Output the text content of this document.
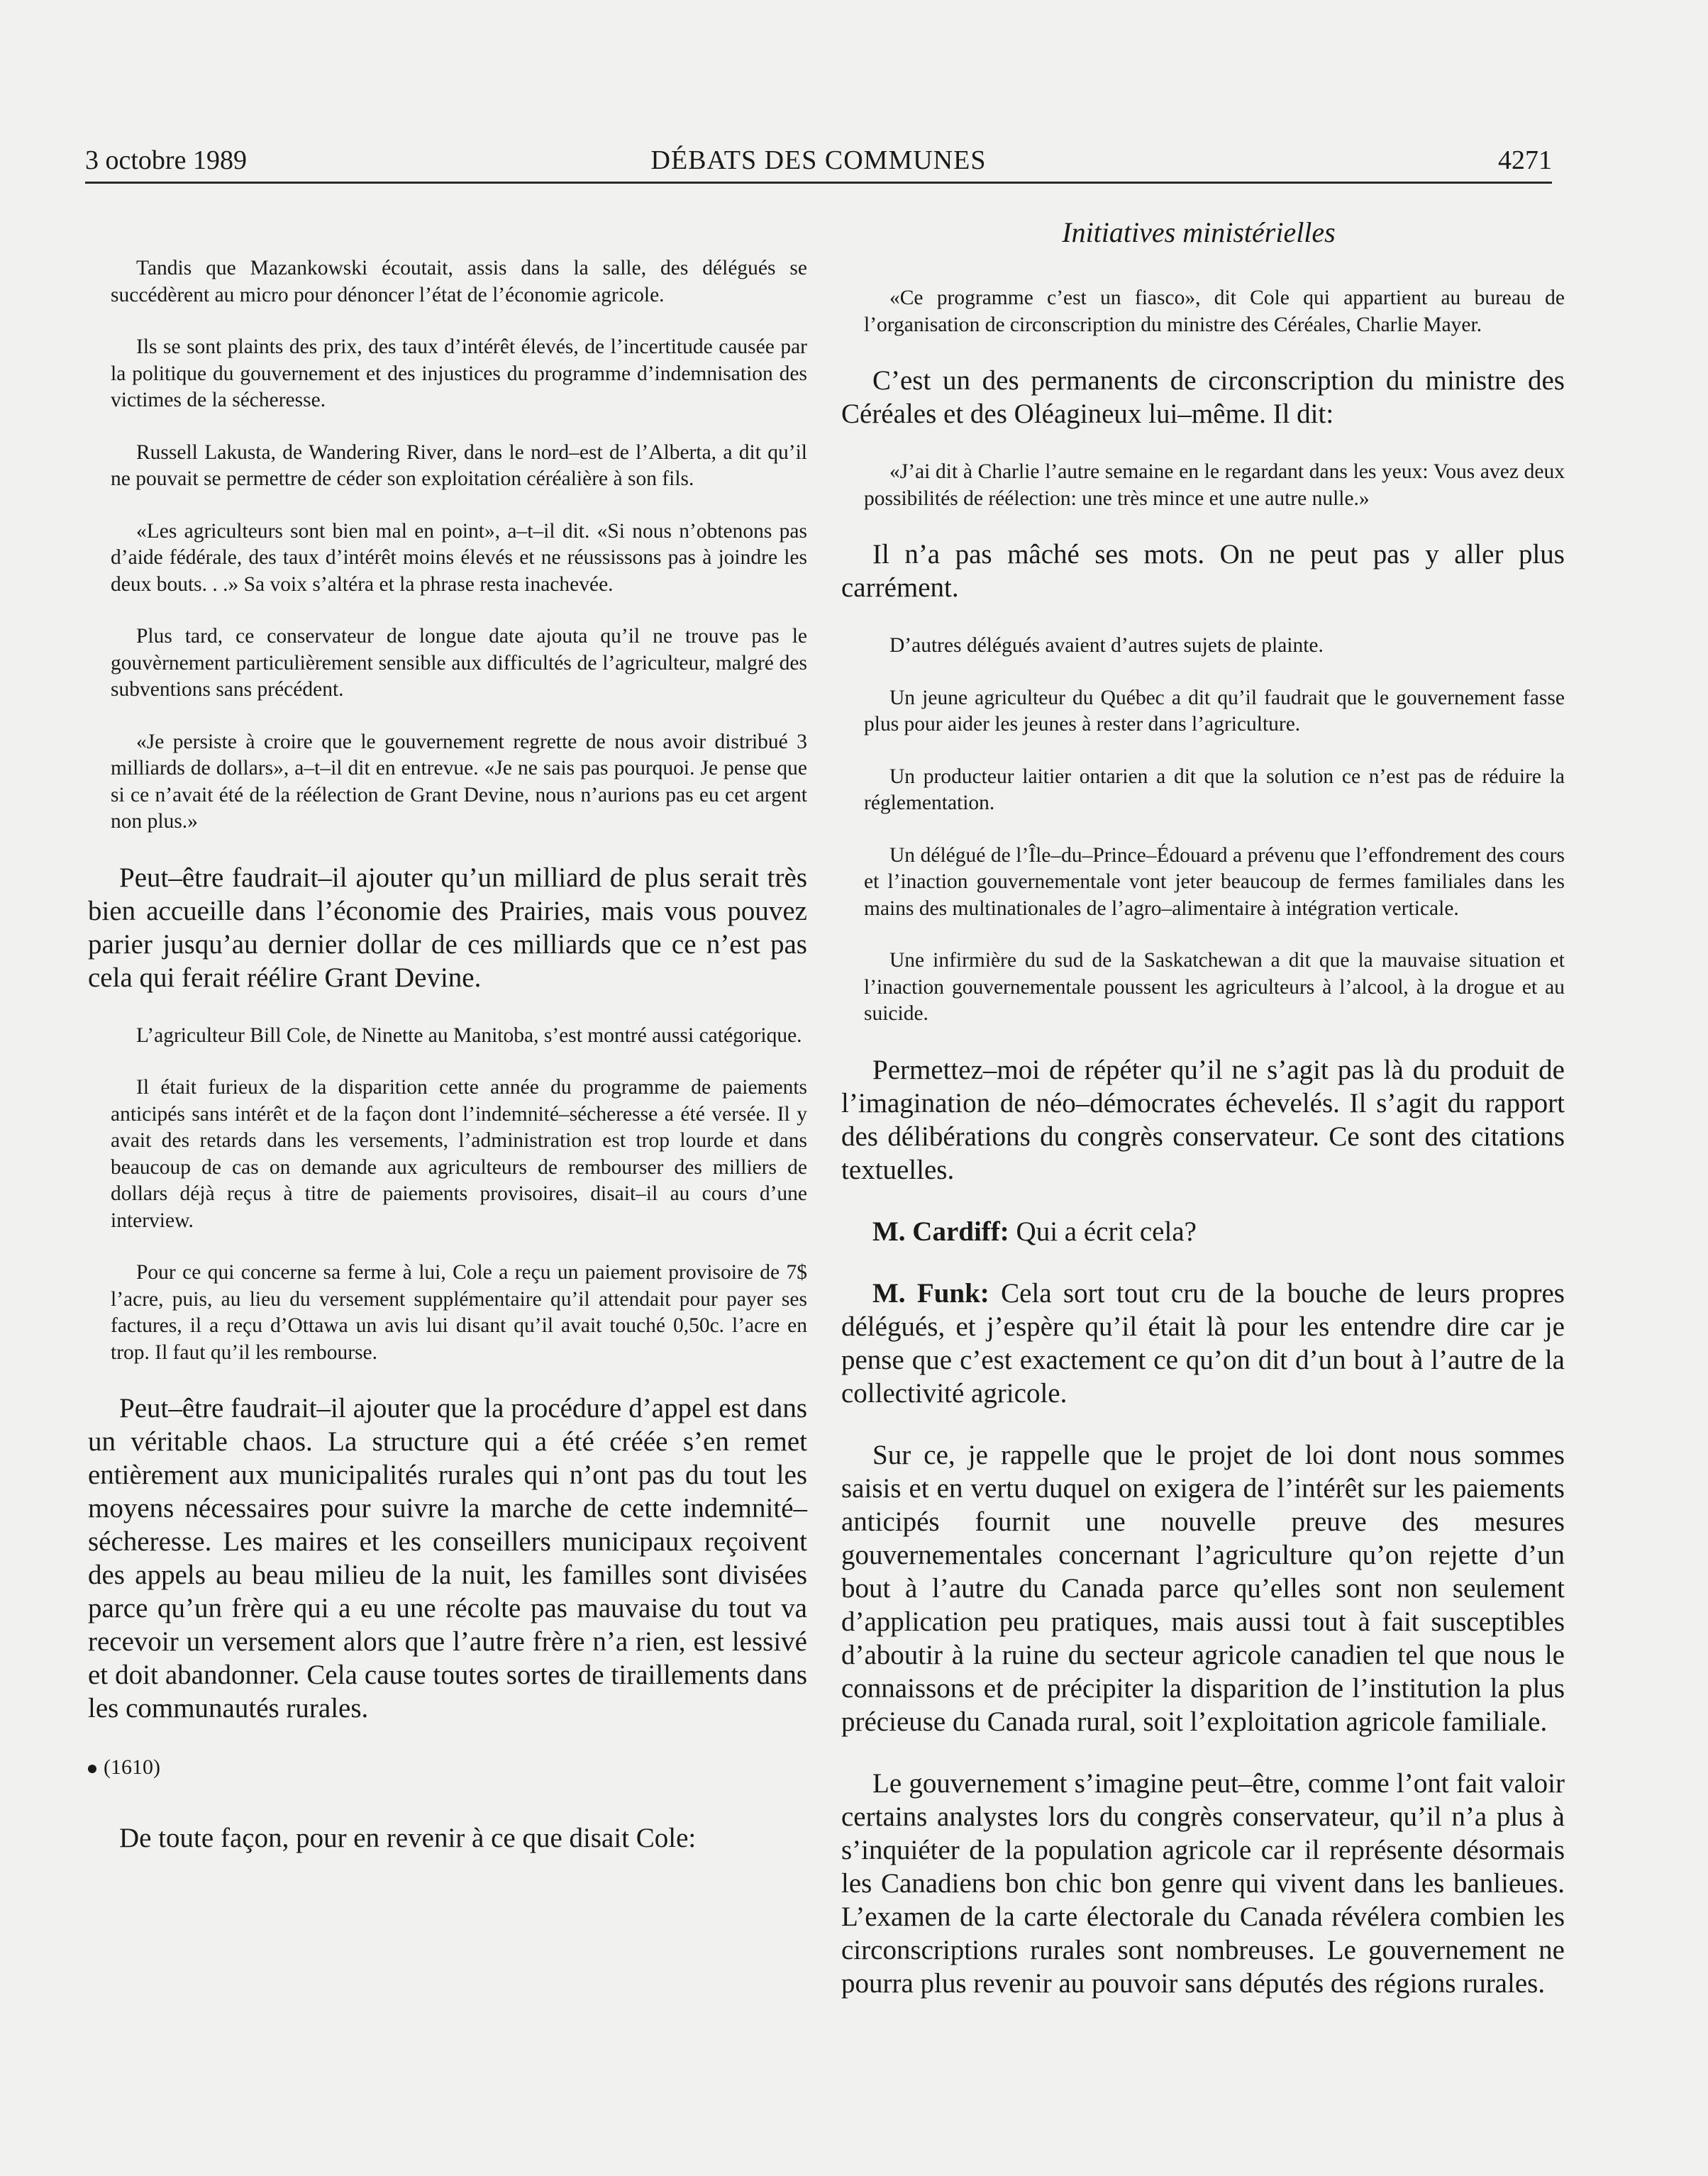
3 octobre 1989	DÉBATS DES COMMUNES	4271
Initiatives ministérielles

Tandis que Mazankowski écoutait, assis dans la salle, des délégués se succédèrent au micro pour dénoncer l’état de l’économie agricole.

Ils se sont plaints des prix, des taux d’intérêt élevés, de l’incertitude causée par la politique du gouvernement et des injustices du programme d’indemnisation des victimes de la sécheresse.

Russell Lakusta, de Wandering River, dans le nord–est de l’Alberta, a dit qu’il ne pouvait se permettre de céder son exploitation céréalière à son fils.

«Les agriculteurs sont bien mal en point», a–t–il dit. «Si nous n’obtenons pas d’aide fédérale, des taux d’intérêt moins élevés et ne réussissons pas à joindre les deux bouts. . .» Sa voix s’altéra et la phrase resta inachevée.

Plus tard, ce conservateur de longue date ajouta qu’il ne trouve pas le gouvèrnement particulièrement sensible aux difficultés de l’agriculteur, malgré des subventions sans précédent.

«Je persiste à croire que le gouvernement regrette de nous avoir distribué 3 milliards de dollars», a–t–il dit en entrevue. «Je ne sais pas pourquoi. Je pense que si ce n’avait été de la réélection de Grant Devine, nous n’aurions pas eu cet argent non plus.»

Peut–être faudrait–il ajouter qu’un milliard de plus serait très bien accueille dans l’économie des Prairies, mais vous pouvez parier jusqu’au dernier dollar de ces milliards que ce n’est pas cela qui ferait réélire Grant Devine.

L’agriculteur Bill Cole, de Ninette au Manitoba, s’est montré aussi catégorique.

Il était furieux de la disparition cette année du programme de paiements anticipés sans intérêt et de la façon dont l’indemnité–sécheresse a été versée. Il y avait des retards dans les versements, l’administration est trop lourde et dans beaucoup de cas on demande aux agriculteurs de rembourser des milliers de dollars déjà reçus à titre de paiements provisoires, disait–il au cours d’une interview.

Pour ce qui concerne sa ferme à lui, Cole a reçu un paiement provisoire de 7$ l’acre, puis, au lieu du versement supplémentaire qu’il attendait pour payer ses factures, il a reçu d’Ottawa un avis lui disant qu’il avait touché 0,50c. l’acre en trop. Il faut qu’il les rembourse.

Peut–être faudrait–il ajouter que la procédure d’appel est dans un véritable chaos. La structure qui a été créée s’en remet entièrement aux municipalités rurales qui n’ont pas du tout les moyens nécessaires pour suivre la marche de cette indemnité–sécheresse. Les maires et les conseillers municipaux reçoivent des appels au beau milieu de la nuit, les familles sont divisées parce qu’un frère qui a eu une récolte pas mauvaise du tout va recevoir un versement alors que l’autre frère n’a rien, est lessivé et doit abandonner. Cela cause toutes sortes de tiraillements dans les communautés rurales.

(1610)

De toute façon, pour en revenir à ce que disait Cole:

«Ce programme c’est un fiasco», dit Cole qui appartient au bureau de l’organisation de circonscription du ministre des Céréales, Charlie Mayer.

C’est un des permanents de circonscription du ministre des Céréales et des Oléagineux lui–même. Il dit:

«J’ai dit à Charlie l’autre semaine en le regardant dans les yeux: Vous avez deux possibilités de réélection: une très mince et une autre nulle.»

Il n’a pas mâché ses mots. On ne peut pas y aller plus carrément.

D’autres délégués avaient d’autres sujets de plainte.

Un jeune agriculteur du Québec a dit qu’il faudrait que le gouvernement fasse plus pour aider les jeunes à rester dans l’agriculture.

Un producteur laitier ontarien a dit que la solution ce n’est pas de réduire la réglementation.

Un délégué de l’Île–du–Prince–Édouard a prévenu que l’effondrement des cours et l’inaction gouvernementale vont jeter beaucoup de fermes familiales dans les mains des multinationales de l’agro–alimentaire à intégration verticale.

Une infirmière du sud de la Saskatchewan a dit que la mauvaise situation et l’inaction gouvernementale poussent les agriculteurs à l’alcool, à la drogue et au suicide.

Permettez–moi de répéter qu’il ne s’agit pas là du produit de l’imagination de néo–démocrates échevelés. Il s’agit du rapport des délibérations du congrès conservateur. Ce sont des citations textuelles.

M. Cardiff: Qui a écrit cela?

M. Funk: Cela sort tout cru de la bouche de leurs propres délégués, et j’espère qu’il était là pour les entendre dire car je pense que c’est exactement ce qu’on dit d’un bout à l’autre de la collectivité agricole.

Sur ce, je rappelle que le projet de loi dont nous sommes saisis et en vertu duquel on exigera de l’intérêt sur les paiements anticipés fournit une nouvelle preuve des mesures gouvernementales concernant l’agriculture qu’on rejette d’un bout à l’autre du Canada parce qu’elles sont non seulement d’application peu pratiques, mais aussi tout à fait susceptibles d’aboutir à la ruine du secteur agricole canadien tel que nous le connaissons et de précipiter la disparition de l’institution la plus précieuse du Canada rural, soit l’exploitation agricole familiale.

Le gouvernement s’imagine peut–être, comme l’ont fait valoir certains analystes lors du congrès conservateur, qu’il n’a plus à s’inquiéter de la population agricole car il représente désormais les Canadiens bon chic bon genre qui vivent dans les banlieues. L’examen de la carte électorale du Canada révélera combien les circonscriptions rurales sont nombreuses. Le gouvernement ne pourra plus revenir au pouvoir sans députés des régions rurales.
